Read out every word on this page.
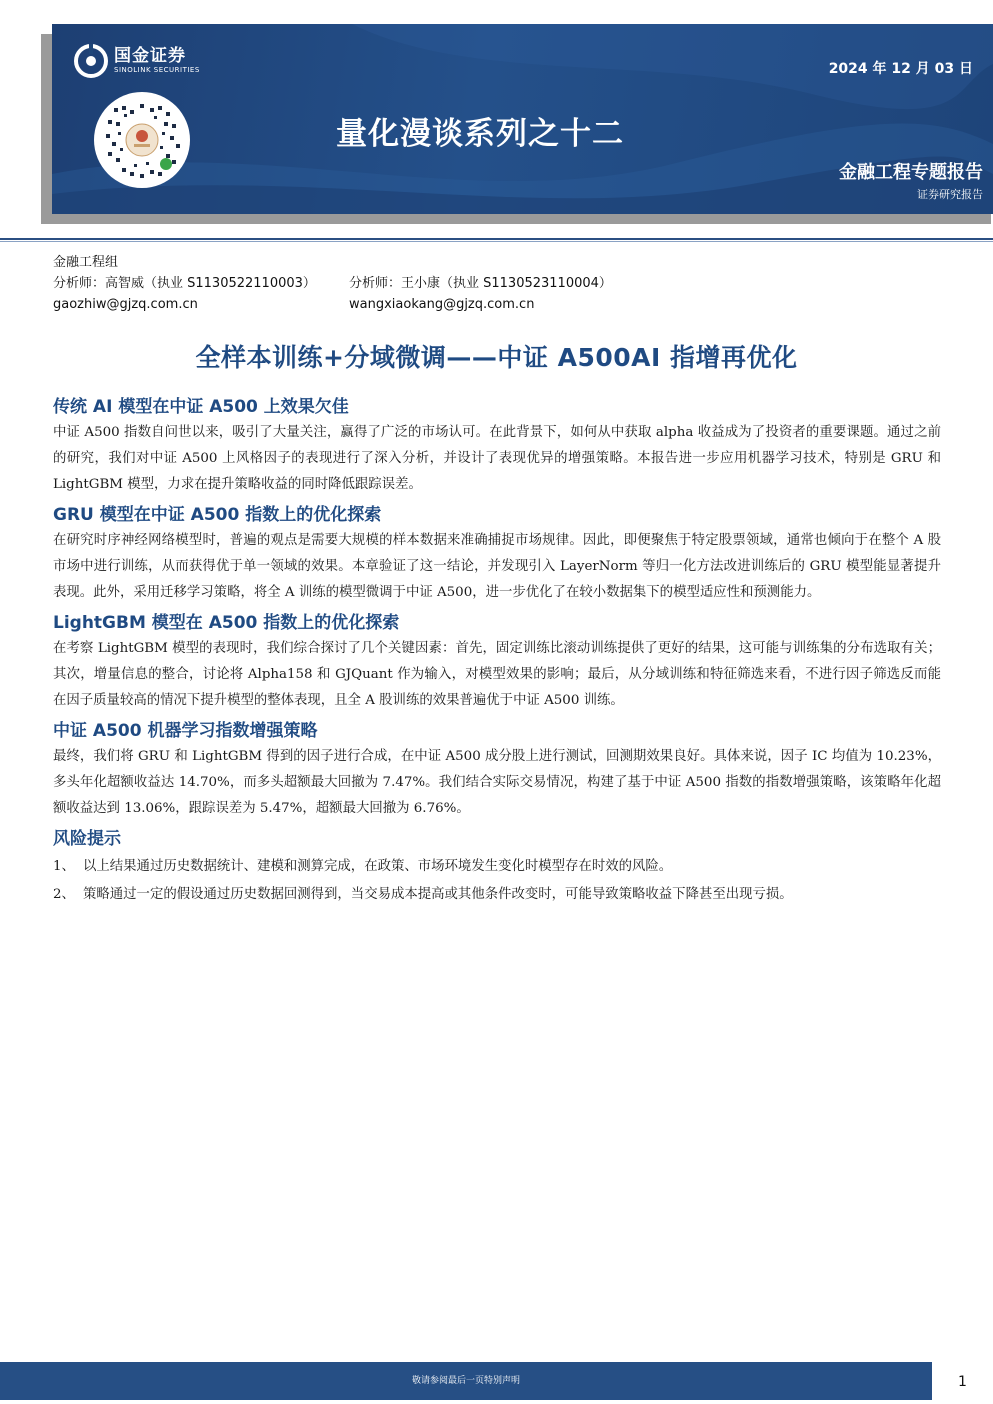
国金证券
SINOLINK SECURITIES	2024 年 12 月 03 日
量化漫谈系列之十二
金融工程专题报告
证券研究报告
金融工程组
分析师：高智威（执业 S1130522110003）	分析师：王小康（执业 S1130523110004）
gaozhiw@gjzq.com.cn	wangxiaokang@gjzq.com.cn
全样本训练+分域微调——中证 A500AI 指增再优化
传统 AI 模型在中证 A500 上效果欠佳

中证 A500 指数自问世以来，吸引了大量关注，赢得了广泛的市场认可。在此背景下，如何从中获取 alpha 收益成为了投资者的重要课题。通过之前的研究，我们对中证 A500 上风格因子的表现进行了深入分析，并设计了表现优异的增强策略。本报告进一步应用机器学习技术，特别是 GRU 和 LightGBM 模型，力求在提升策略收益的同时降低跟踪误差。

GRU 模型在中证 A500 指数上的优化探索

在研究时序神经网络模型时，普遍的观点是需要大规模的样本数据来准确捕捉市场规律。因此，即便聚焦于特定股票领域，通常也倾向于在整个 A 股市场中进行训练，从而获得优于单一领域的效果。本章验证了这一结论，并发现引入 LayerNorm 等归一化方法改进训练后的 GRU 模型能显著提升表现。此外，采用迁移学习策略，将全 A 训练的模型微调于中证 A500，进一步优化了在较小数据集下的模型适应性和预测能力。

LightGBM 模型在 A500 指数上的优化探索

在考察 LightGBM 模型的表现时，我们综合探讨了几个关键因素：首先，固定训练比滚动训练提供了更好的结果，这可能与训练集的分布选取有关；其次，增量信息的整合，讨论将 Alpha158 和 GJQuant 作为输入，对模型效果的影响；最后，从分域训练和特征筛选来看，不进行因子筛选反而能在因子质量较高的情况下提升模型的整体表现，且全 A 股训练的效果普遍优于中证 A500 训练。

中证 A500 机器学习指数增强策略

最终，我们将 GRU 和 LightGBM 得到的因子进行合成，在中证 A500 成分股上进行测试，回测期效果良好。具体来说，因子 IC 均值为 10.23%，多头年化超额收益达 14.70%，而多头超额最大回撤为 7.47%。我们结合实际交易情况，构建了基于中证 A500 指数的指数增强策略，该策略年化超额收益达到 13.06%，跟踪误差为 5.47%，超额最大回撤为 6.76%。

风险提示
1、 以上结果通过历史数据统计、建模和测算完成，在政策、市场环境发生变化时模型存在时效的风险。
2、 策略通过一定的假设通过历史数据回测得到，当交易成本提高或其他条件改变时，可能导致策略收益下降甚至出现亏损。
敬请参阅最后一页特别声明	1
